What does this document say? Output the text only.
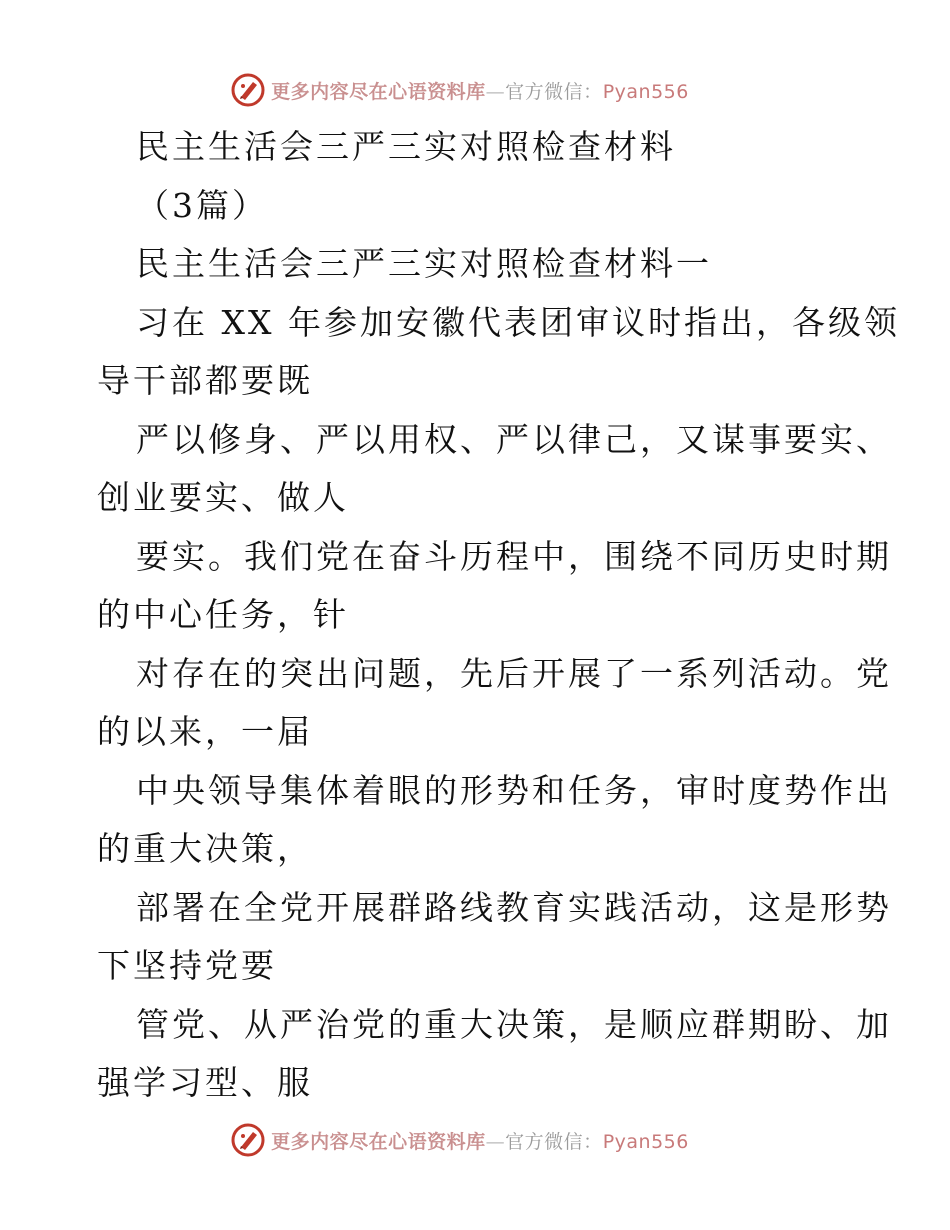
更多内容尽在心语资料库—官方微信：Pyan556
民主生活会三严三实对照检查材料
（3篇）
民主生活会三严三实对照检查材料一
习在 XX 年参加安徽代表团审议时指出，各级领
导干部都要既
严以修身、严以用权、严以律己，又谋事要实、
创业要实、做人
要实。我们党在奋斗历程中，围绕不同历史时期
的中心任务，针
对存在的突出问题，先后开展了一系列活动。党
的以来，一届
中央领导集体着眼的形势和任务，审时度势作出
的重大决策，
部署在全党开展群路线教育实践活动，这是形势
下坚持党要
管党、从严治党的重大决策，是顺应群期盼、加
强学习型、服
更多内容尽在心语资料库—官方微信：Pyan556
